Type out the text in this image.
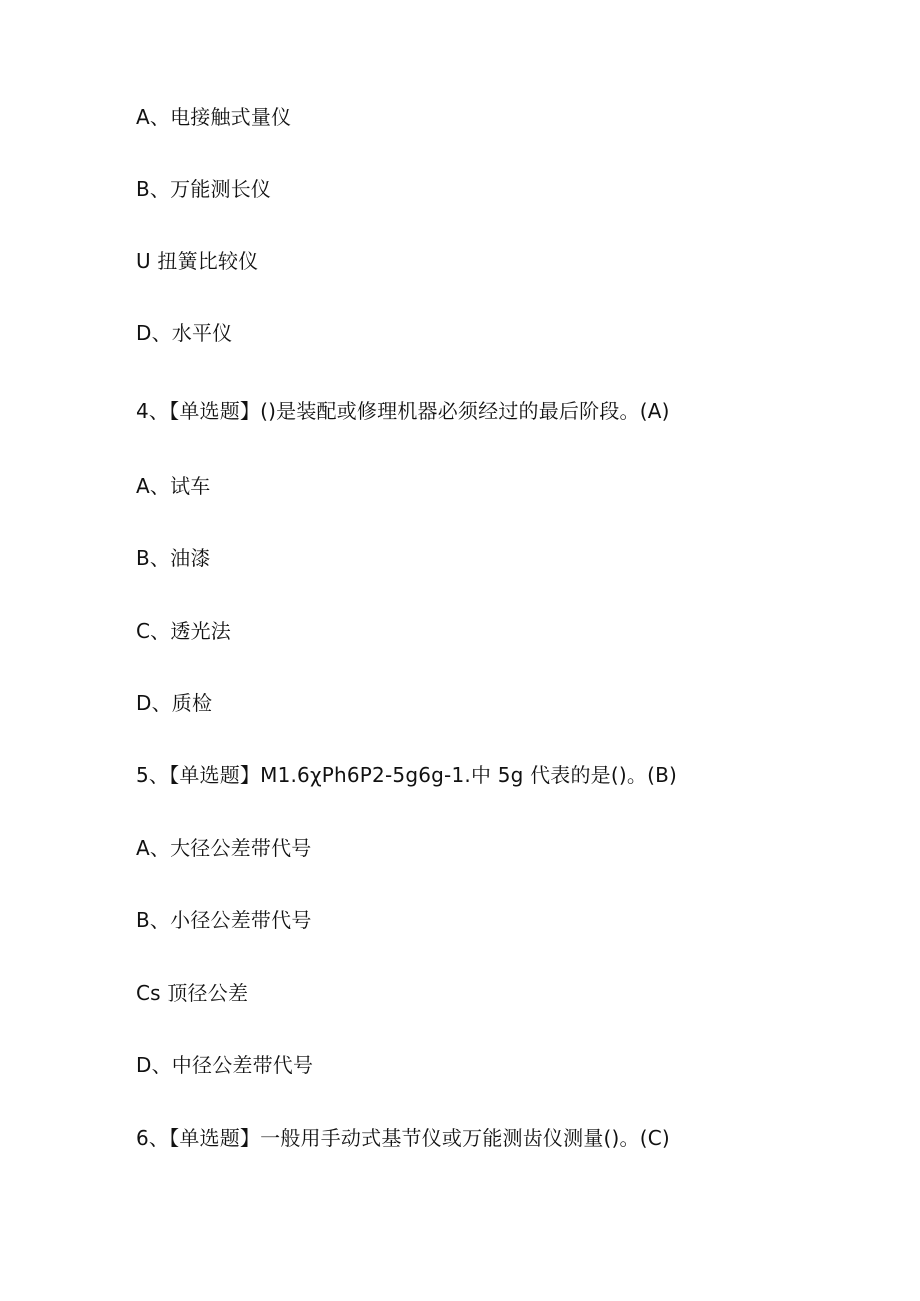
A、电接触式量仪
B、万能测长仪
U 扭簧比较仪
D、水平仪
4、【单选题】()是装配或修理机器必须经过的最后阶段。(A)
A、试车
B、油漆
C、透光法
D、质检
5、【单选题】M1.6χPh6P2-5g6g-1.中 5g 代表的是()。(B)
A、大径公差带代号
B、小径公差带代号
Cs 顶径公差
D、中径公差带代号
6、【单选题】一般用手动式基节仪或万能测齿仪测量()。(C)
